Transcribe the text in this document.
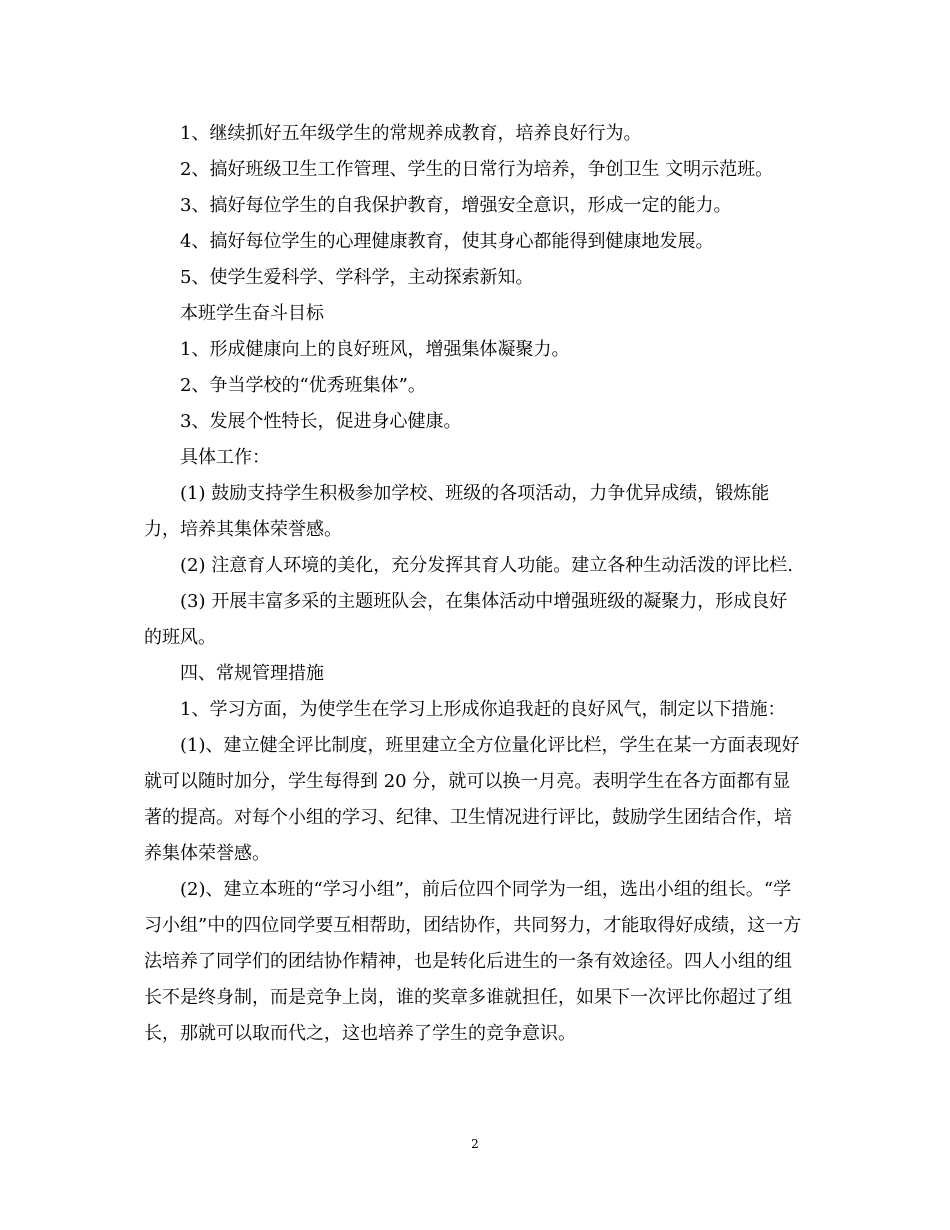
1、继续抓好五年级学生的常规养成教育，培养良好行为。

2、搞好班级卫生工作管理、学生的日常行为培养，争创卫生 文明示范班。

3、搞好每位学生的自我保护教育，增强安全意识，形成一定的能力。

4、搞好每位学生的心理健康教育，使其身心都能得到健康地发展。

5、使学生爱科学、学科学，主动探索新知。

本班学生奋斗目标

1、形成健康向上的良好班风，增强集体凝聚力。

2、争当学校的“优秀班集体”。

3、发展个性特长，促进身心健康。

具体工作：

(1) 鼓励支持学生积极参加学校、班级的各项活动，力争优异成绩，锻炼能力，培养其集体荣誉感。

(2) 注意育人环境的美化，充分发挥其育人功能。建立各种生动活泼的评比栏.

(3) 开展丰富多采的主题班队会，在集体活动中增强班级的凝聚力，形成良好的班风。

四、常规管理措施

1、学习方面，为使学生在学习上形成你追我赶的良好风气，制定以下措施：

(1)、建立健全评比制度，班里建立全方位量化评比栏，学生在某一方面表现好就可以随时加分，学生每得到 20 分，就可以换一月亮。表明学生在各方面都有显著的提高。对每个小组的学习、纪律、卫生情况进行评比，鼓励学生团结合作，培养集体荣誉感。

(2)、建立本班的“学习小组”，前后位四个同学为一组，选出小组的组长。“学习小组”中的四位同学要互相帮助，团结协作，共同努力，才能取得好成绩，这一方法培养了同学们的团结协作精神，也是转化后进生的一条有效途径。四人小组的组长不是终身制，而是竞争上岗，谁的奖章多谁就担任，如果下一次评比你超过了组长，那就可以取而代之，这也培养了学生的竞争意识。

2
